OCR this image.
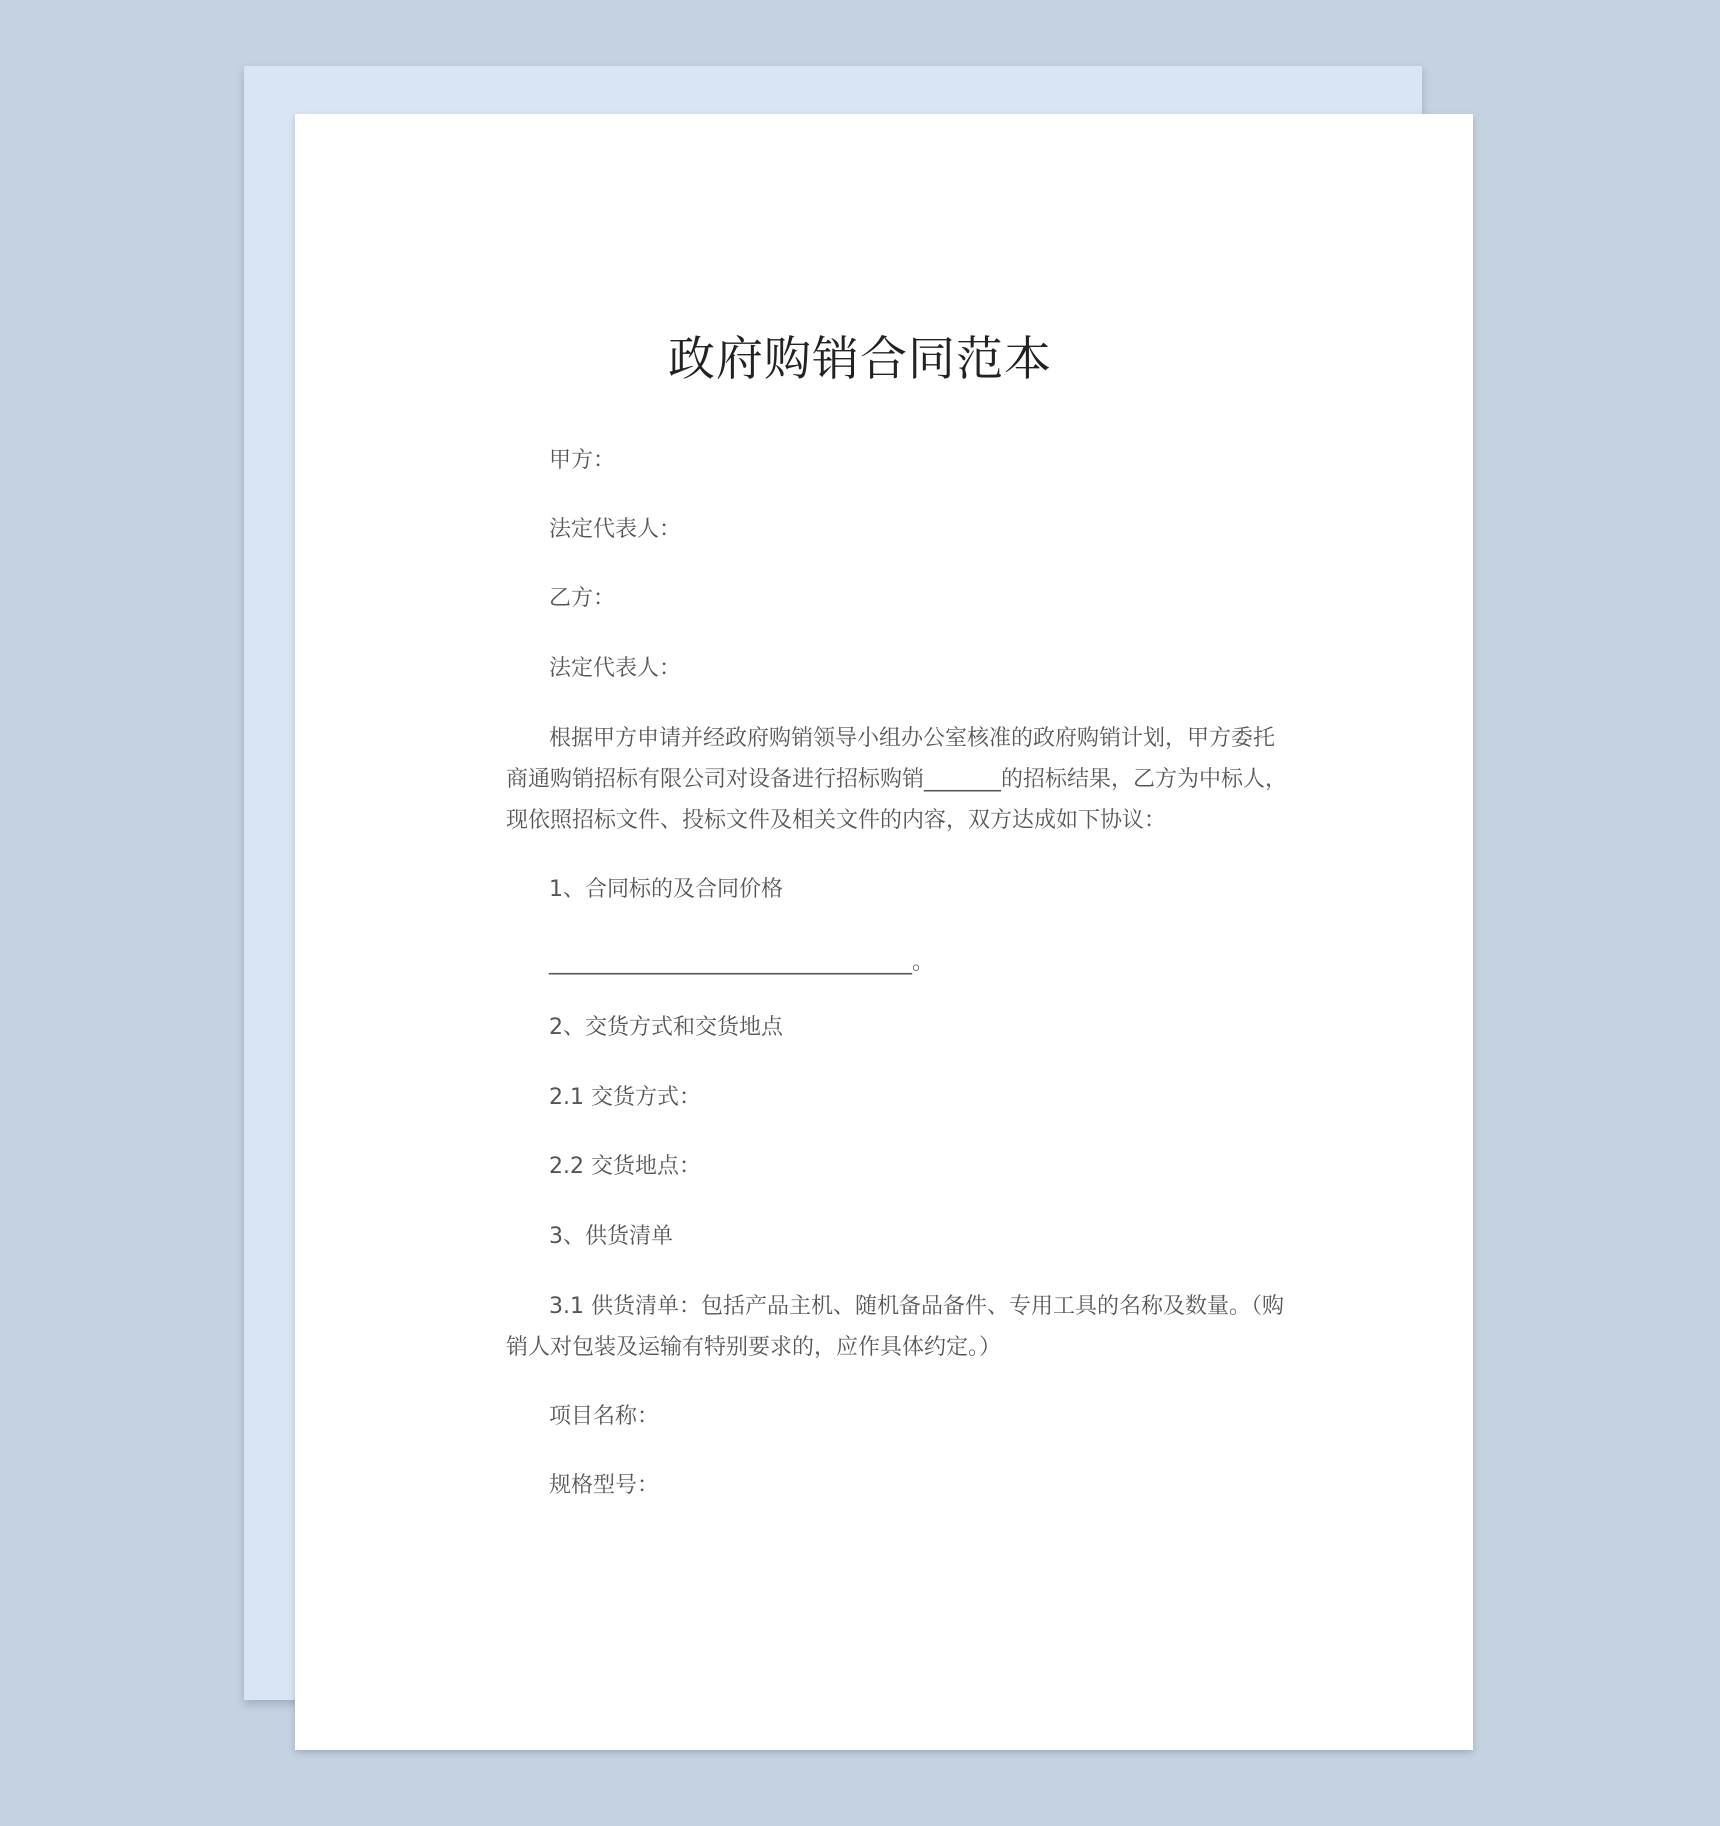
政府购销合同范本

甲方：

法定代表人：

乙方：

法定代表人：

根据甲方申请并经政府购销领导小组办公室核准的政府购销计划，甲方委托
商通购销招标有限公司对设备进行招标购销_______的招标结果，乙方为中标人，
现依照招标文件、投标文件及相关文件的内容，双方达成如下协议：

1、合同标的及合同价格

_________________________________。

2、交货方式和交货地点

2.1 交货方式：

2.2 交货地点：

3、供货清单

3.1 供货清单：包括产品主机、随机备品备件、专用工具的名称及数量。（购
销人对包装及运输有特别要求的，应作具体约定。）

项目名称：

规格型号：
